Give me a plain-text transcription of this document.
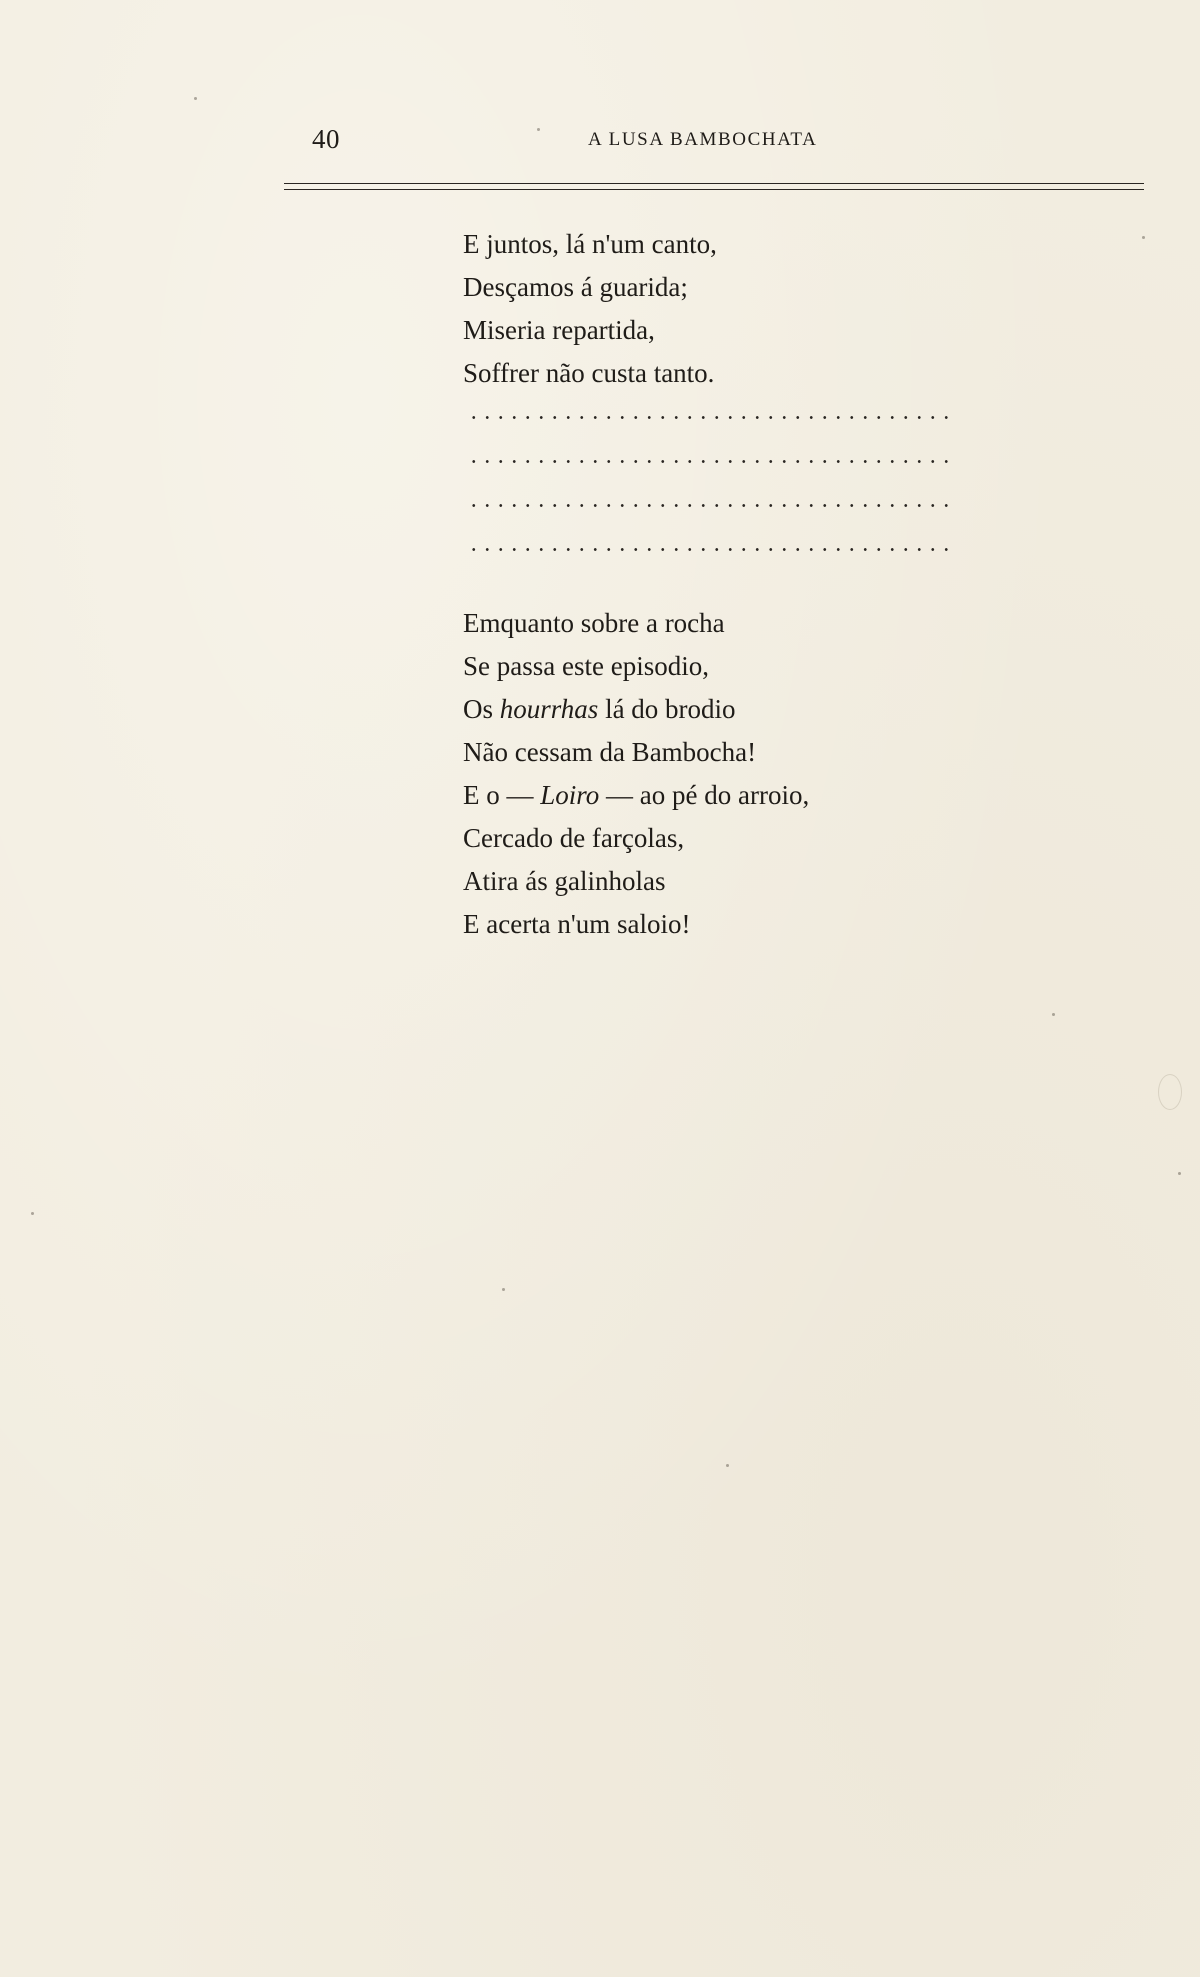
40	A LUSA BAMBOCHATA
E juntos, lá n'um canto,
Desçamos á guarida;
Miseria repartida,
Soffrer não custa tanto.
Emquanto sobre a rocha
Se passa este episodio,
Os hourrhas lá do brodio
Não cessam da Bambocha!
E o — Loiro — ao pé do arroio,
Cercado de farçolas,
Atira ás galinholas
E acerta n'um saloio!
